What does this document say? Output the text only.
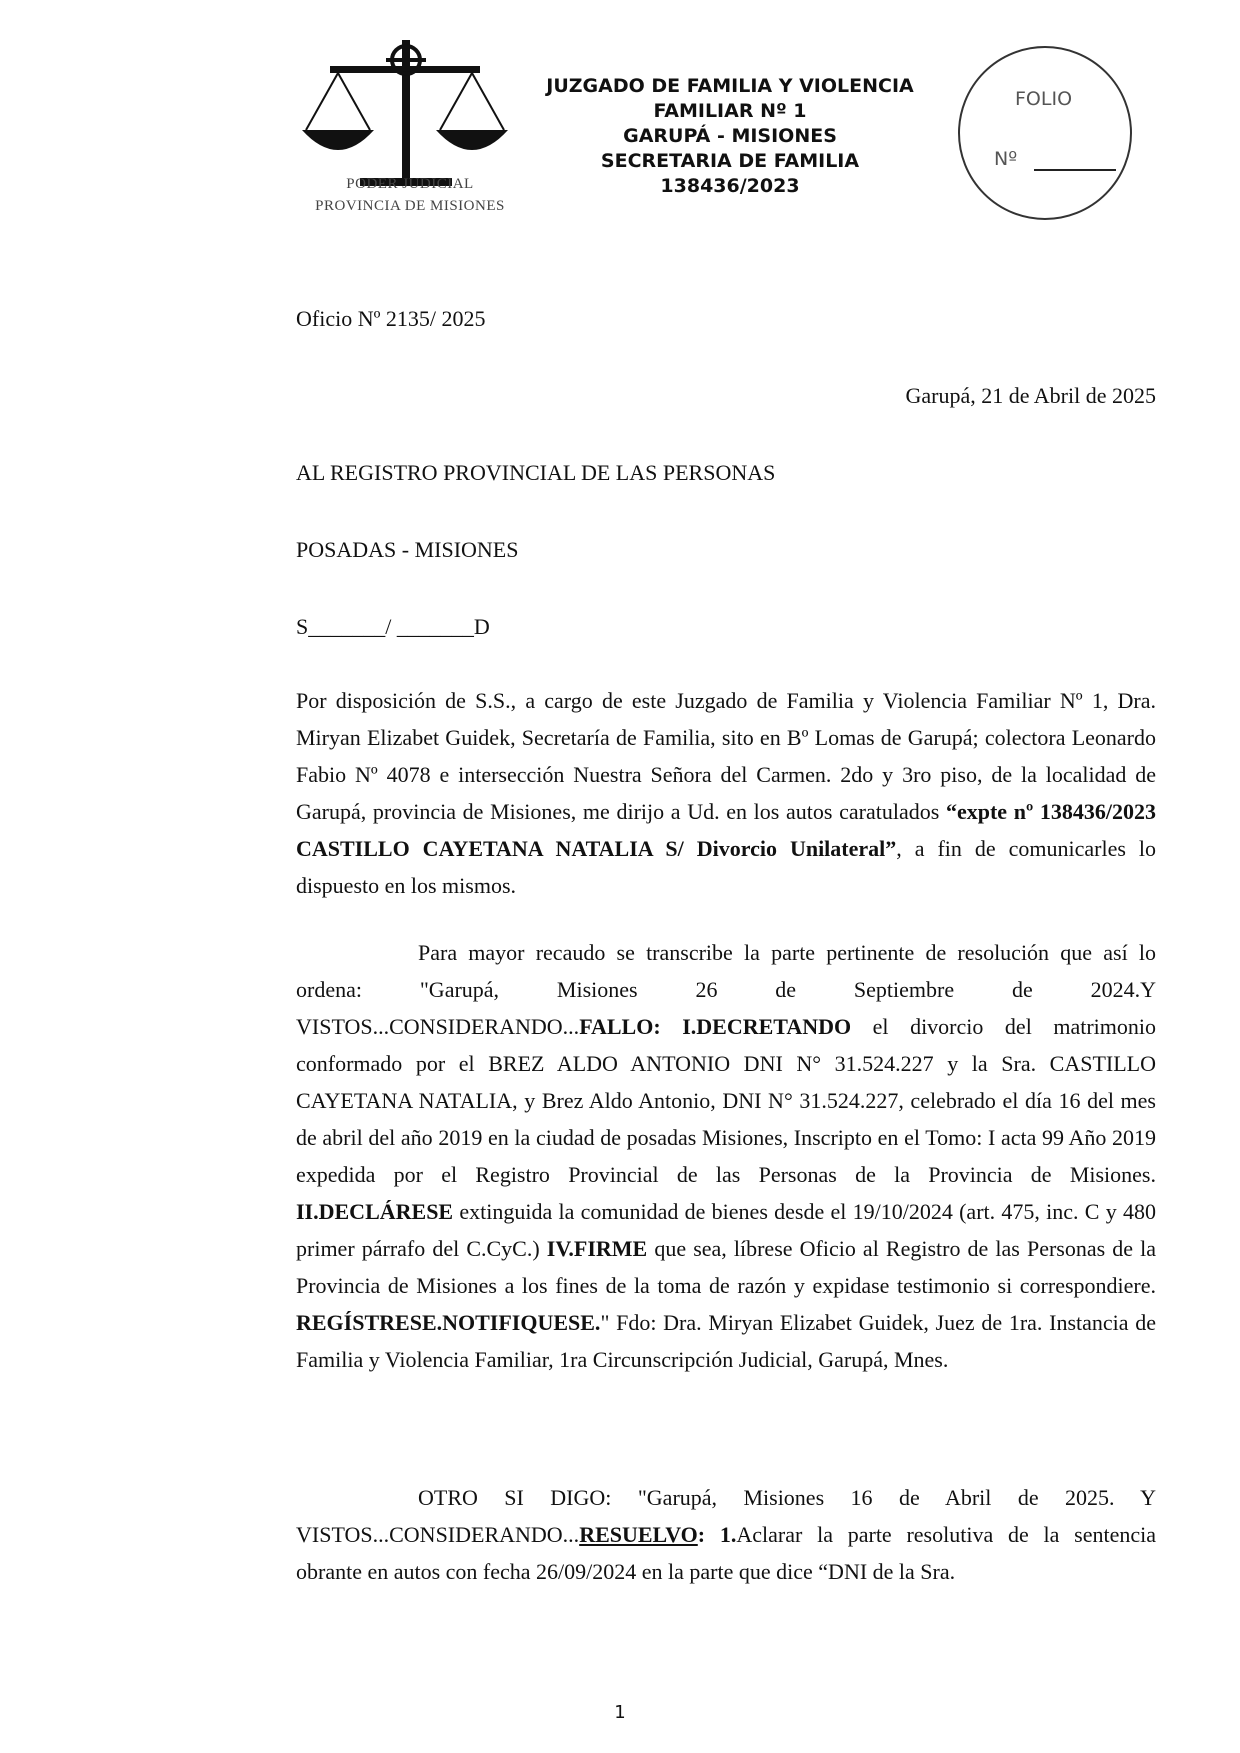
PODER JUDICIAL
PROVINCIA DE MISIONES
JUZGADO DE FAMILIA Y VIOLENCIA
FAMILIAR Nº 1
GARUPÁ - MISIONES
SECRETARIA DE FAMILIA
138436/2023
FOLIO
Nº
Oficio Nº 2135/ 2025
Garupá, 21 de Abril de 2025
AL REGISTRO PROVINCIAL DE LAS PERSONAS
POSADAS - MISIONES
S_______/ _______D

Por disposición de S.S., a cargo de este Juzgado de Familia y Violencia Familiar Nº 1, Dra. Miryan Elizabet Guidek, Secretaría de Familia, sito en Bº Lomas de Garupá; colectora Leonardo Fabio Nº 4078 e intersección Nuestra Señora del Carmen. 2do y 3ro piso, de la localidad de Garupá, provincia de Misiones, me dirijo a Ud. en los autos caratulados “expte nº 138436/2023 CASTILLO CAYETANA NATALIA S/ Divorcio Unilateral”, a fin de comunicarles lo dispuesto en los mismos.

Para mayor recaudo se transcribe la parte pertinente de resolución que así lo ordena: "Garupá, Misiones 26 de Septiembre de 2024.Y VISTOS...CONSIDERANDO...FALLO: I.DECRETANDO el divorcio del matrimonio conformado por el BREZ ALDO ANTONIO DNI N° 31.524.227 y la Sra. CASTILLO CAYETANA NATALIA, y Brez Aldo Antonio, DNI N° 31.524.227, celebrado el día 16 del mes de abril del año 2019 en la ciudad de posadas Misiones, Inscripto en el Tomo: I acta 99 Año 2019 expedida por el Registro Provincial de las Personas de la Provincia de Misiones. II.DECLÁRESE extinguida la comunidad de bienes desde el 19/10/2024 (art. 475, inc. C y 480 primer párrafo del C.CyC.) IV.FIRME que sea, líbrese Oficio al Registro de las Personas de la Provincia de Misiones a los fines de la toma de razón y expidase testimonio si correspondiere. REGÍSTRESE.NOTIFIQUESE." Fdo: Dra. Miryan Elizabet Guidek, Juez de 1ra. Instancia de Familia y Violencia Familiar, 1ra Circunscripción Judicial, Garupá, Mnes.

OTRO SI DIGO: "Garupá, Misiones 16 de Abril de 2025. Y VISTOS...CONSIDERANDO...RESUELVO: 1.Aclarar la parte resolutiva de la sentencia obrante en autos con fecha 26/09/2024 en la parte que dice “DNI de la Sra.

1
